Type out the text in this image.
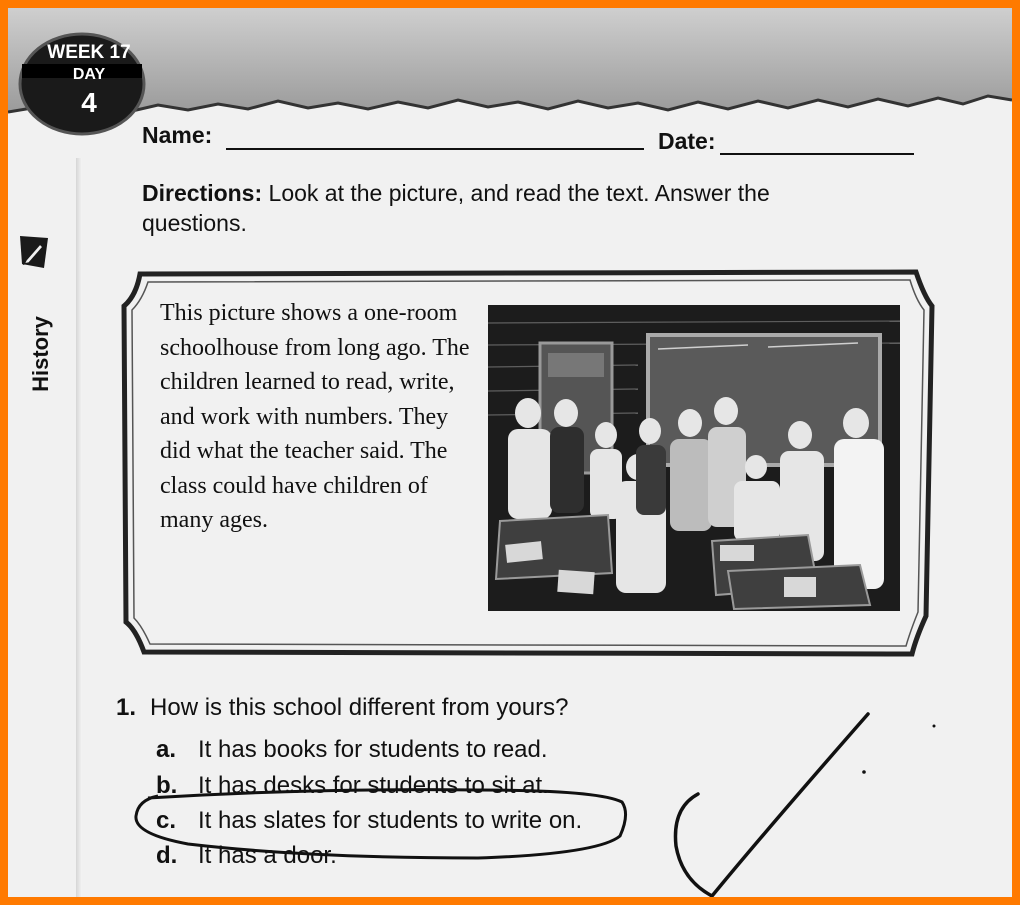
WEEK 17
DAY
4
Name:	Date:
Directions: Look at the picture, and read the text. Answer the questions.
History
This picture shows a one-room schoolhouse from long ago. The children learned to read, write, and work with numbers. They did what the teacher said. The class could have children of many ages.
1. How is this school different from yours?
a. It has books for students to read.
b. It has desks for students to sit at.
c. It has slates for students to write on.
d. It has a door.
